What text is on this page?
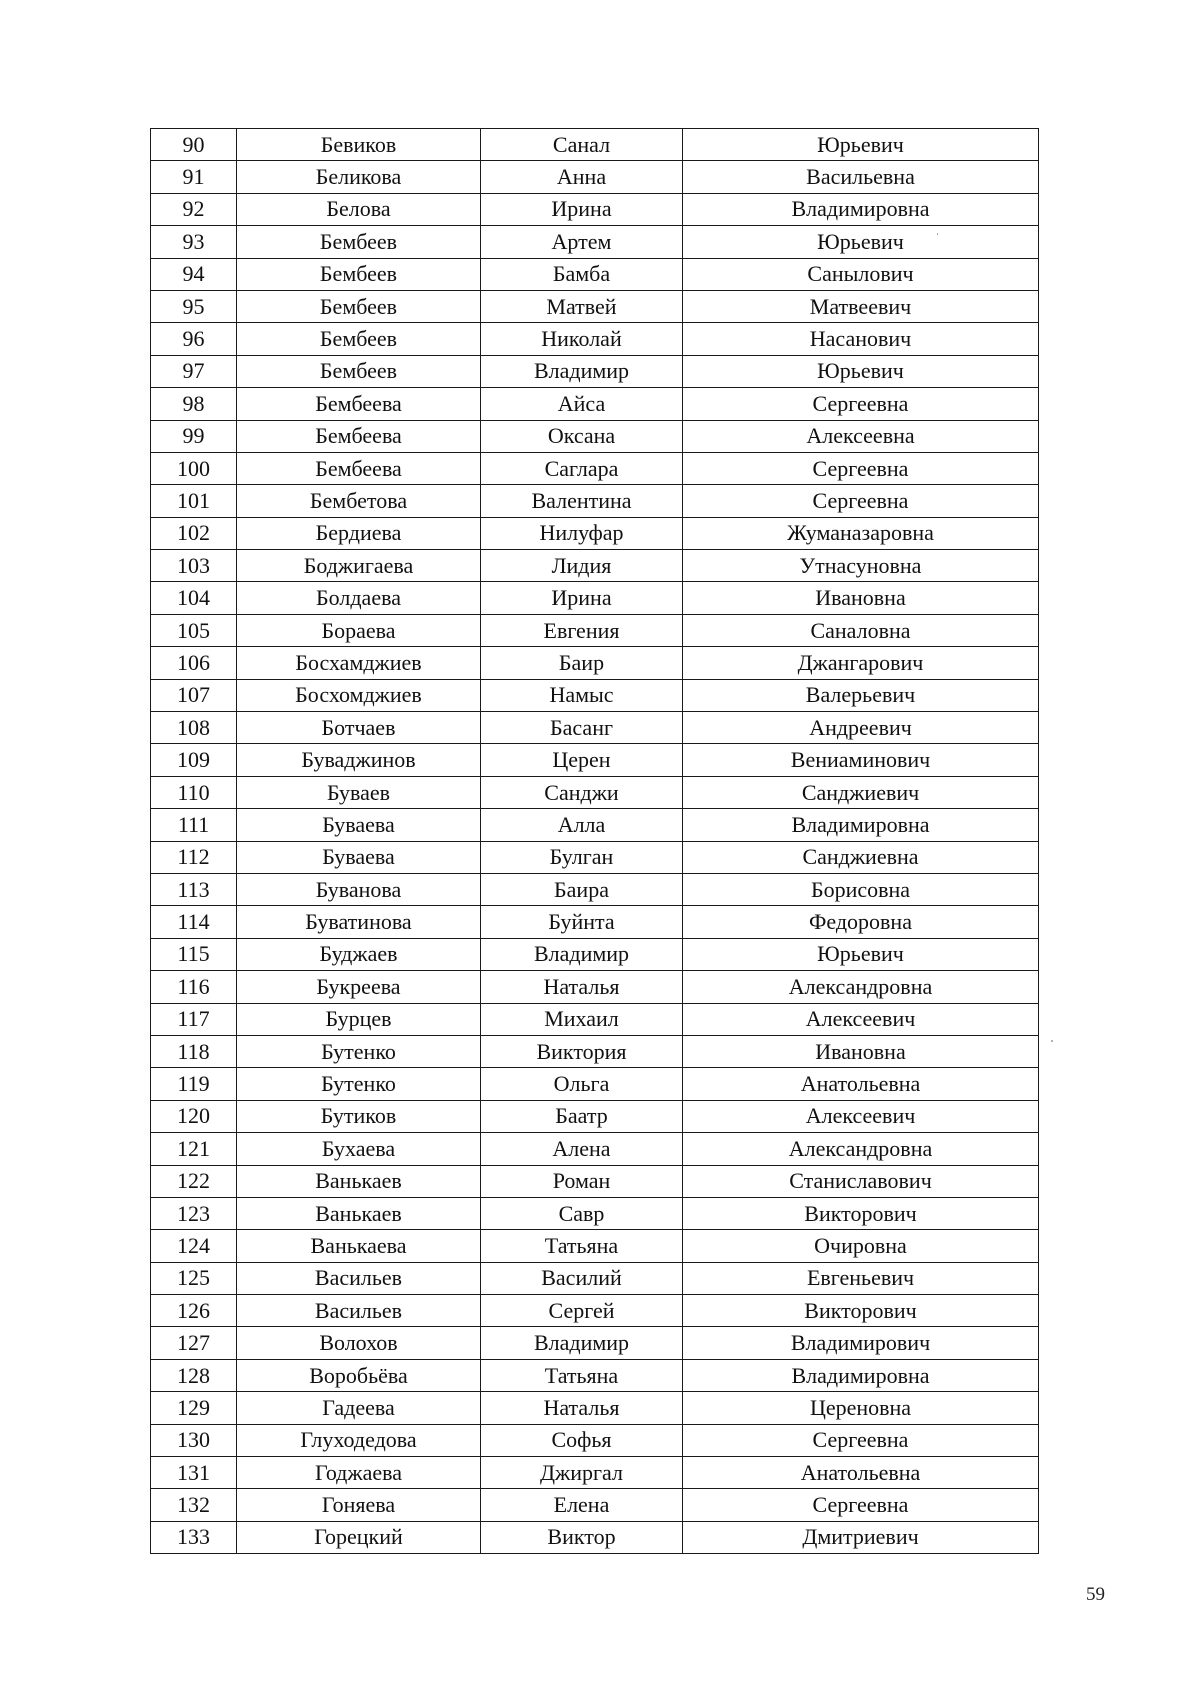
90	Бевиков	Санал	Юрьевич
91	Беликова	Анна	Васильевна
92	Белова	Ирина	Владимировна
93	Бембеев	Артем	Юрьевич
94	Бембеев	Бамба	Санылович
95	Бембеев	Матвей	Матвеевич
96	Бембеев	Николай	Насанович
97	Бембеев	Владимир	Юрьевич
98	Бембеева	Айса	Сергеевна
99	Бембеева	Оксана	Алексеевна
100	Бембеева	Саглара	Сергеевна
101	Бембетова	Валентина	Сергеевна
102	Бердиева	Нилуфар	Жуманазаровна
103	Боджигаева	Лидия	Утнасуновна
104	Болдаева	Ирина	Ивановна
105	Бораева	Евгения	Саналовна
106	Босхамджиев	Баир	Джангарович
107	Босхомджиев	Намыс	Валерьевич
108	Ботчаев	Басанг	Андреевич
109	Буваджинов	Церен	Вениаминович
110	Буваев	Санджи	Санджиевич
111	Буваева	Алла	Владимировна
112	Буваева	Булган	Санджиевна
113	Буванова	Баира	Борисовна
114	Буватинова	Буйнта	Федоровна
115	Буджаев	Владимир	Юрьевич
116	Букреева	Наталья	Александровна
117	Бурцев	Михаил	Алексеевич
118	Бутенко	Виктория	Ивановна
119	Бутенко	Ольга	Анатольевна
120	Бутиков	Баатр	Алексеевич
121	Бухаева	Алена	Александровна
122	Ванькаев	Роман	Станиславович
123	Ванькаев	Савр	Викторович
124	Ванькаева	Татьяна	Очировна
125	Васильев	Василий	Евгеньевич
126	Васильев	Сергей	Викторович
127	Волохов	Владимир	Владимирович
128	Воробьёва	Татьяна	Владимировна
129	Гадеева	Наталья	Цереновна
130	Глуходедова	Софья	Сергеевна
131	Годжаева	Джиргал	Анатольевна
132	Гоняева	Елена	Сергеевна
133	Горецкий	Виктор	Дмитриевич
59
